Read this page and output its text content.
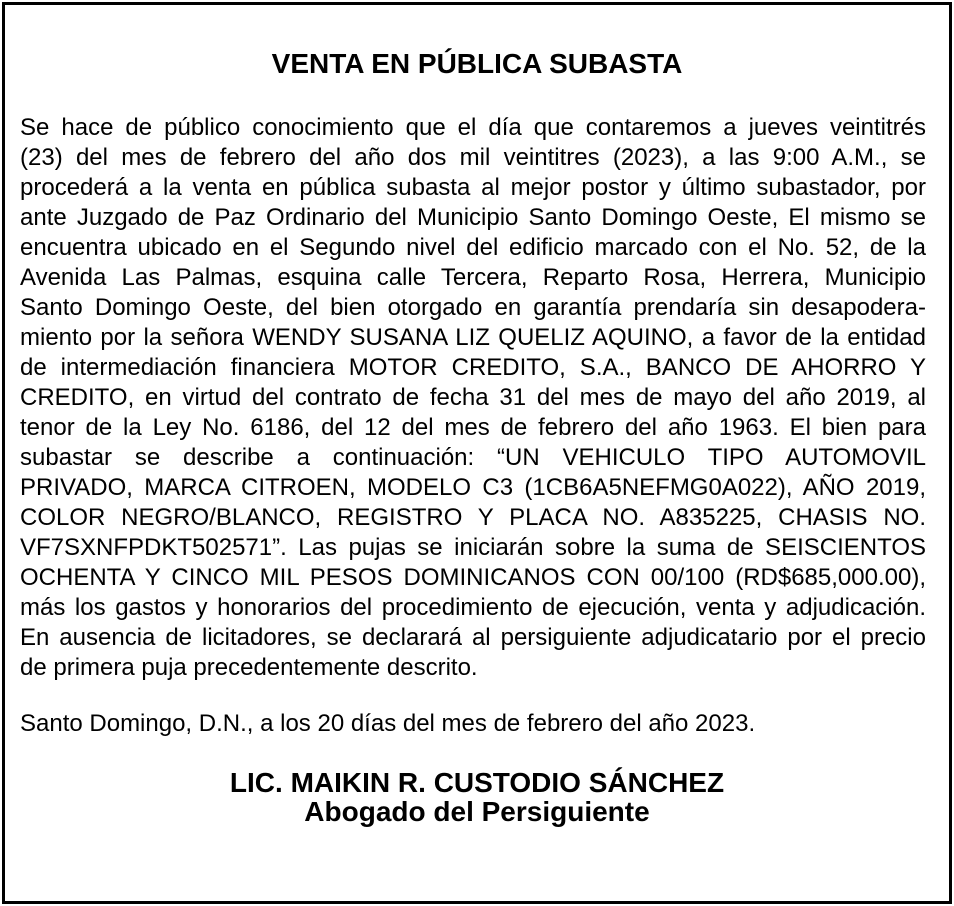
VENTA EN PÚBLICA SUBASTA
Se hace de público conocimiento que el día que contaremos a jueves veintitrés
(23) del mes de febrero del año dos mil veintitres (2023), a las 9:00 A.M., se
procederá a la venta en pública subasta al mejor postor y último subastador, por
ante Juzgado de Paz Ordinario del Municipio Santo Domingo Oeste, El mismo se
encuentra ubicado en el Segundo nivel del edificio marcado con el No. 52, de la
Avenida Las Palmas, esquina calle Tercera, Reparto Rosa, Herrera, Municipio
Santo Domingo Oeste, del bien otorgado en garantía prendaría sin desapodera-
miento por la señora WENDY SUSANA LIZ QUELIZ AQUINO, a favor de la entidad
de intermediación financiera MOTOR CREDITO, S.A., BANCO DE AHORRO Y
CREDITO, en virtud del contrato de fecha 31 del mes de mayo del año 2019, al
tenor de la Ley No. 6186, del 12 del mes de febrero del año 1963. El bien para
subastar se describe a continuación: “UN VEHICULO TIPO AUTOMOVIL
PRIVADO, MARCA CITROEN, MODELO C3 (1CB6A5NEFMG0A022), AÑO 2019,
COLOR NEGRO/BLANCO, REGISTRO Y PLACA NO. A835225, CHASIS NO.
VF7SXNFPDKT502571”. Las pujas se iniciarán sobre la suma de SEISCIENTOS
OCHENTA Y CINCO MIL PESOS DOMINICANOS CON 00/100 (RD$685,000.00),
más los gastos y honorarios del procedimiento de ejecución, venta y adjudicación.
En ausencia de licitadores, se declarará al persiguiente adjudicatario por el precio
de primera puja precedentemente descrito.
Santo Domingo, D.N., a los 20 días del mes de febrero del año 2023.
LIC. MAIKIN R. CUSTODIO SÁNCHEZ
Abogado del Persiguiente
